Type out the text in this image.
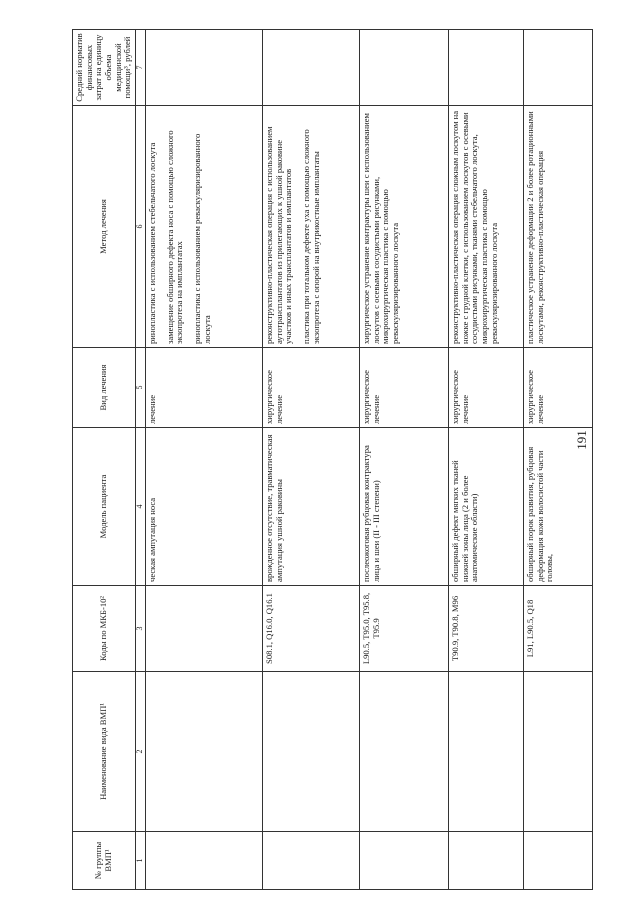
191
№ группы ВМП¹	Наименование вида ВМП¹	Коды по МКБ-10²	Модель пациента	Вид лечения	Метод лечения	Средний норматив финансовых затрат на единицу объема медицинской помощи³, рублей
1	2	3	4	5	6	7
			ческая ампутация носа	лечение	ринопластика с использованием стебельчатого лоскута замещение обширного дефекта носа с помощью сложного экзопротеза на имплантатах ринопластика с использованием реваскуляризированного лоскута	

		S08.1, Q16.0, Q16.1	врожденное отсутствие, травматическая ампутация ушной раковины	хирургическое лечение	реконструктивно-пластическая операция с использованием аутотрансплантатов из прилегающих к ушной раковине участков и иных трансплантатов и имплантатов пластика при тотальном дефекте уха с помощью сложного экзопротеза с опорой на внутрикостные имплантаты	

		L90.5, T95.0, T95.8, T95.9	послеожоговая рубцовая контрактура лица и шеи (II - III степени)	хирургическое лечение	хирургическое устранение контрактуры шеи с использованием лоскутов с осевыми сосудистыми рисунками, микрохирургическая пластика с помощью реваскуляризированного лоскута	

		T90.9, T90.8, M96	обширный дефект мягких тканей нижней зоны лица (2 и более анатомические области)	хирургическое лечение	реконструктивно-пластическая операция сложным лоскутом на ножке с грудной клетки, с использованием лоскутов с осевыми сосудистыми рисунками, тканями стебельчатого лоскута, микрохирургическая пластика с помощью реваскуляризированного лоскута	

		L91, L90.5, Q18	обширный порок развития, рубцовая деформация кожи волосистой части головы,	хирургическое лечение	пластическое устранение деформации 2 и более ротационными лоскутами, реконструктивно-пластическая операция	
